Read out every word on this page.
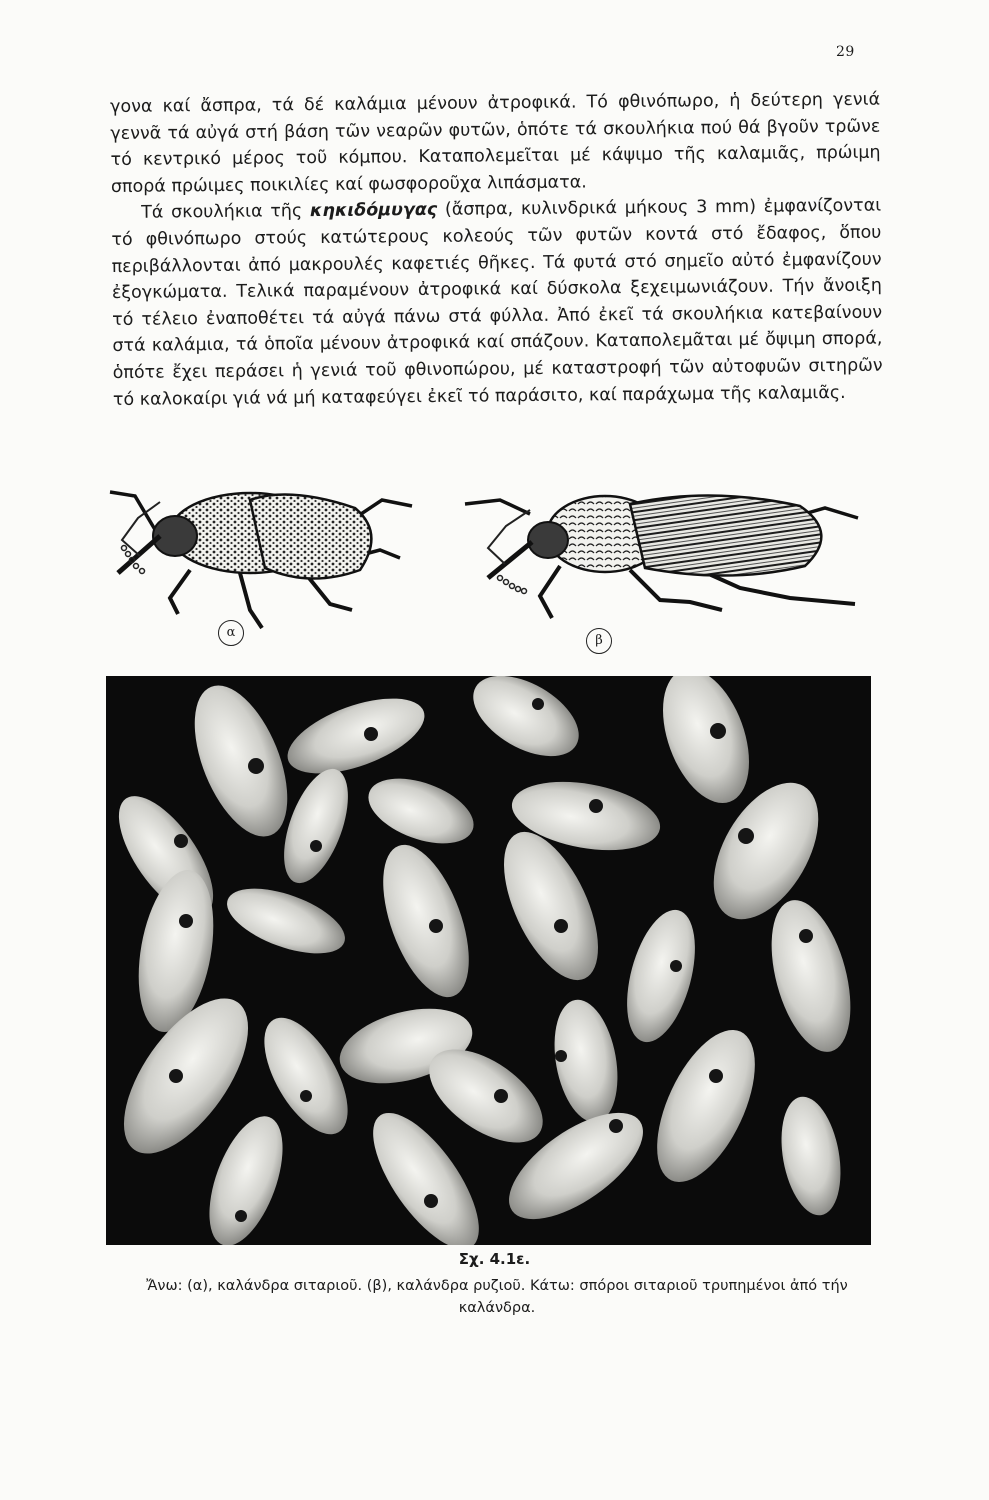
29

γονα καί ἄσπρα, τά δέ καλάμια μένουν ἀτροφικά. Τό φθινόπωρο, ἡ δεύτερη γενιά γεννᾶ τά αὐγά στή βάση τῶν νεαρῶν φυτῶν, ὁπότε τά σκουλήκια πού θά βγοῦν τρῶνε τό κεντρικό μέρος τοῦ κόμπου. Καταπολεμεῖται μέ κάψιμο τῆς καλαμιᾶς, πρώιμη σπορά πρώιμες ποικιλίες καί φωσφοροῦχα λιπάσματα.

Τά σκουλήκια τῆς κηκιδόμυγας (ἄσπρα, κυλινδρικά μήκους 3 mm) ἐμφανίζονται τό φθινόπωρο στούς κατώτερους κολεούς τῶν φυτῶν κοντά στό ἔδαφος, ὅπου περιβάλλονται ἀπό μακρουλές καφετιές θῆκες. Τά φυτά στό σημεῖο αὐτό ἐμφανίζουν ἐξογκώματα. Τελικά παραμένουν ἀτροφικά καί δύσκολα ξεχειμωνιάζουν. Τήν ἄνοιξη τό τέλειο ἐναποθέτει τά αὐγά πάνω στά φύλλα. Ἀπό ἐκεῖ τά σκουλήκια κατεβαίνουν στά καλάμια, τά ὁποῖα μένουν ἀτροφικά καί σπάζουν. Καταπολεμᾶται μέ ὄψιμη σπορά, ὁπότε ἔχει περάσει ἡ γενιά τοῦ φθινοπώρου, μέ καταστροφή τῶν αὐτοφυῶν σιτηρῶν τό καλοκαίρι γιά νά μή καταφεύγει ἐκεῖ τό παράσιτο, καί παράχωμα τῆς καλαμιᾶς.

α
β
Σχ. 4.1ε.
Ἄνω: (α), καλάνδρα σιταριοῦ. (β), καλάνδρα ρυζιοῦ. Κάτω: σπόροι σιταριοῦ τρυπημένοι ἀπό τήν καλάνδρα.
